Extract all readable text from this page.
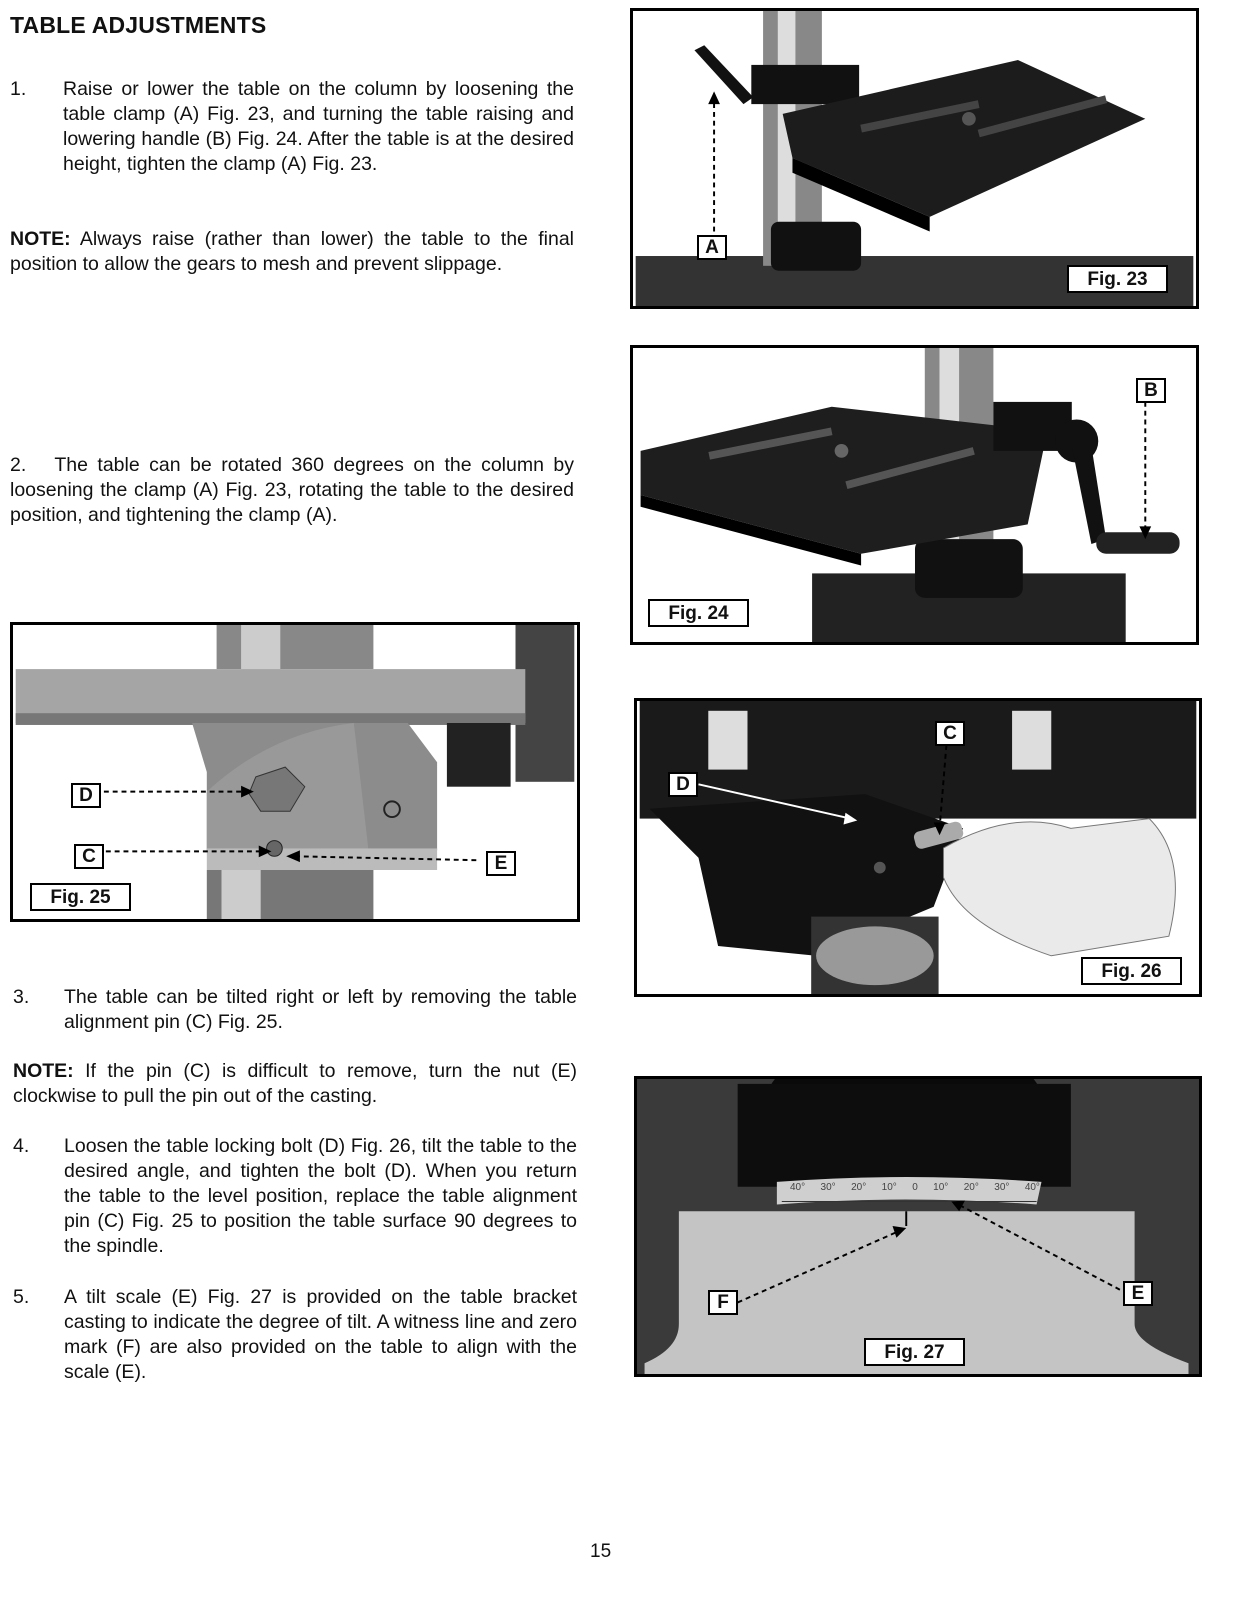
TABLE ADJUSTMENTS
1. Raise or lower the table on the column by loosening the table clamp (A) Fig. 23, and turning the table raising and lowering handle (B) Fig. 24. After the table is at the desired height, tighten the clamp (A) Fig. 23.
NOTE: Always raise (rather than lower) the table to the final position to allow the gears to mesh and prevent slippage.
2. The table can be rotated 360 degrees on the column by loosening the clamp (A) Fig. 23, rotating the table to the desired position, and tightening the clamp (A).
3. The table can be tilted right or left by removing the table alignment pin (C) Fig. 25.
NOTE: If the pin (C) is difficult to remove, turn the nut (E) clockwise to pull the pin out of the casting.
4. Loosen the table locking bolt (D) Fig. 26, tilt the table to the desired angle, and tighten the bolt (D). When you return the table to the level position, replace the table alignment pin (C) Fig. 25 to position the table surface 90 degrees to the spindle.
5. A tilt scale (E) Fig. 27 is provided on the table bracket casting to indicate the degree of tilt. A witness line and zero mark (F) are also provided on the table to align with the scale (E).
A
Fig. 23
B
Fig. 24
D
C	E
Fig. 25
C
D
Fig. 26
40° 30° 20° 10° 0 10° 20° 30° 40°
E
F
Fig. 27
15
